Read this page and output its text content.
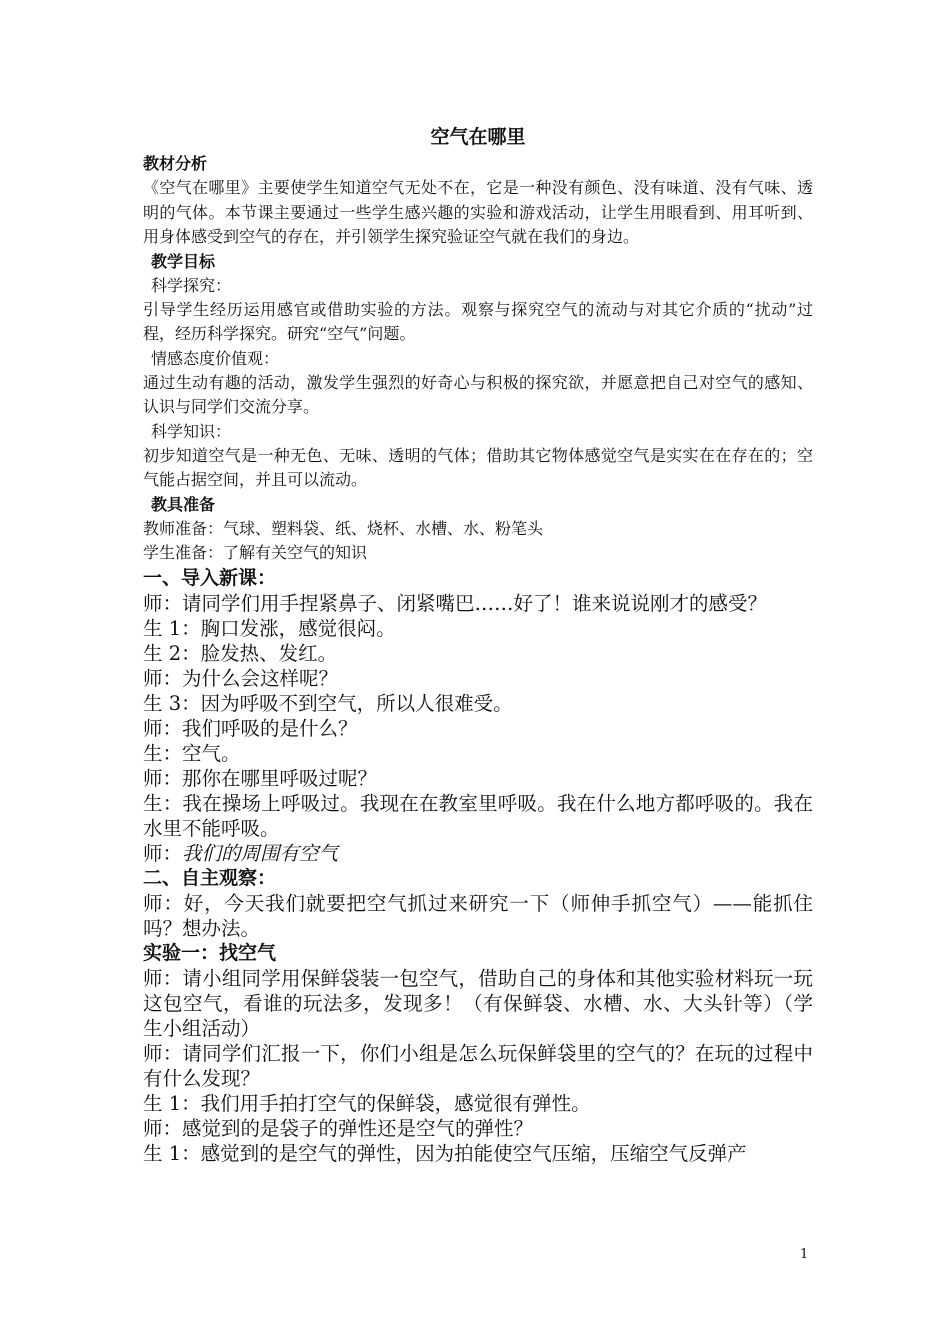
空气在哪里

教材分析

《空气在哪里》主要使学生知道空气无处不在，它是一种没有颜色、没有味道、没有气味、透明的气体。本节课主要通过一些学生感兴趣的实验和游戏活动，让学生用眼看到、用耳听到、用身体感受到空气的存在，并引领学生探究验证空气就在我们的身边。

教学目标

科学探究：

引导学生经历运用感官或借助实验的方法。观察与探究空气的流动与对其它介质的“扰动”过程，经历科学探究。研究“空气”问题。

情感态度价值观：

通过生动有趣的活动，激发学生强烈的好奇心与积极的探究欲，并愿意把自己对空气的感知、认识与同学们交流分享。

科学知识：

初步知道空气是一种无色、无味、透明的气体；借助其它物体感觉空气是实实在在存在的；空气能占据空间，并且可以流动。

教具准备

教师准备：气球、塑料袋、纸、烧杯、水槽、水、粉笔头

学生准备：了解有关空气的知识

一、导入新课：

师：请同学们用手捏紧鼻子、闭紧嘴巴……好了！谁来说说刚才的感受？

生 1：胸口发涨，感觉很闷。

生 2：脸发热、发红。

师：为什么会这样呢？

生 3：因为呼吸不到空气，所以人很难受。

师：我们呼吸的是什么？

生：空气。

师：那你在哪里呼吸过呢？

生：我在操场上呼吸过。我现在在教室里呼吸。我在什么地方都呼吸的。我在水里不能呼吸。

师：我们的周围有空气

二、自主观察：

师：好，今天我们就要把空气抓过来研究一下（师伸手抓空气）——能抓住吗？想办法。

实验一：找空气

师：请小组同学用保鲜袋装一包空气，借助自己的身体和其他实验材料玩一玩这包空气，看谁的玩法多，发现多！（有保鲜袋、水槽、水、大头针等）（学生小组活动）

师：请同学们汇报一下，你们小组是怎么玩保鲜袋里的空气的？在玩的过程中有什么发现？

生 1：我们用手拍打空气的保鲜袋，感觉很有弹性。

师：感觉到的是袋子的弹性还是空气的弹性？

生 1：感觉到的是空气的弹性，因为拍能使空气压缩，压缩空气反弹产

1
